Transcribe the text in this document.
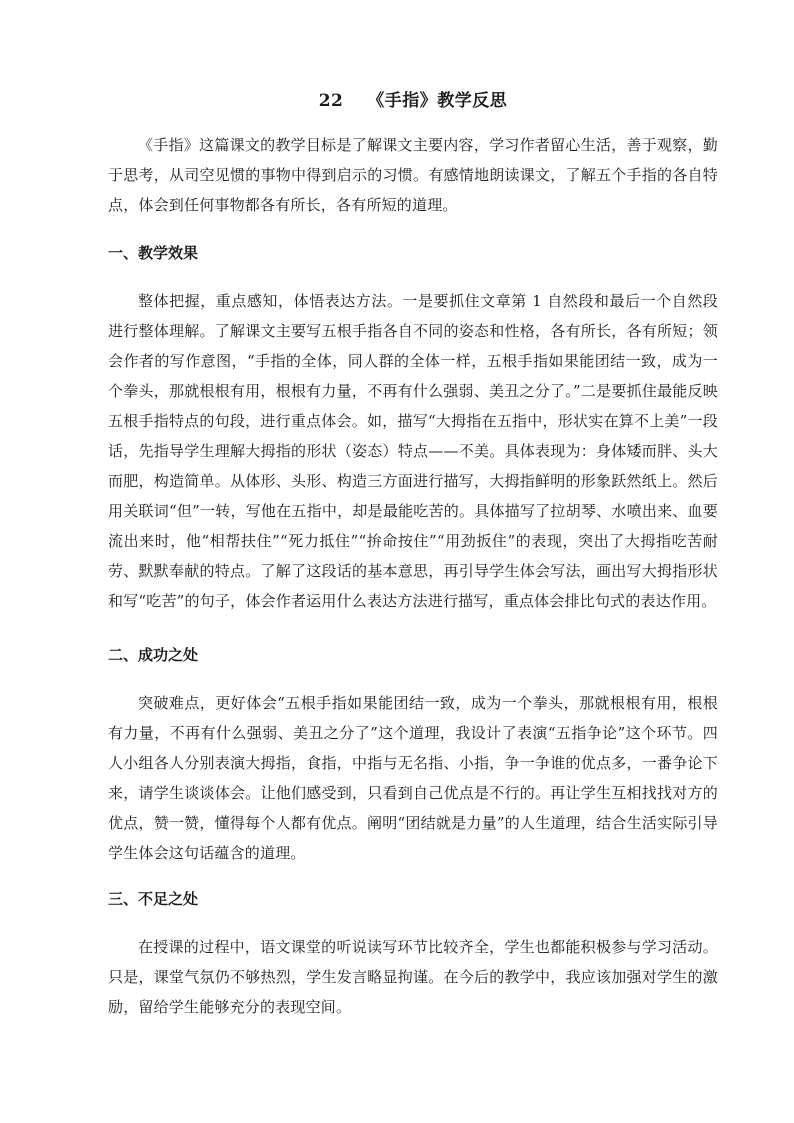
22　 《手指》教学反思

《手指》这篇课文的教学目标是了解课文主要内容，学习作者留心生活，善于观察，勤于思考，从司空见惯的事物中得到启示的习惯。有感情地朗读课文，了解五个手指的各自特点，体会到任何事物都各有所长，各有所短的道理。

一、教学效果

整体把握，重点感知，体悟表达方法。一是要抓住文章第 1 自然段和最后一个自然段进行整体理解。了解课文主要写五根手指各自不同的姿态和性格，各有所长，各有所短；领会作者的写作意图，“手指的全体，同人群的全体一样，五根手指如果能团结一致，成为一个拳头，那就根根有用，根根有力量，不再有什么强弱、美丑之分了。”二是要抓住最能反映五根手指特点的句段，进行重点体会。如，描写“大拇指在五指中，形状实在算不上美”一段话，先指导学生理解大拇指的形状（姿态）特点——不美。具体表现为：身体矮而胖、头大而肥，构造简单。从体形、头形、构造三方面进行描写，大拇指鲜明的形象跃然纸上。然后用关联词“但”一转，写他在五指中，却是最能吃苦的。具体描写了拉胡琴、水喷出来、血要流出来时，他“相帮扶住”“死力抵住”“拚命按住”“用劲扳住”的表现，突出了大拇指吃苦耐劳、默默奉献的特点。了解了这段话的基本意思，再引导学生体会写法，画出写大拇指形状和写“吃苦”的句子，体会作者运用什么表达方法进行描写，重点体会排比句式的表达作用。

二、成功之处

突破难点，更好体会“五根手指如果能团结一致，成为一个拳头，那就根根有用，根根有力量，不再有什么强弱、美丑之分了”这个道理，我设计了表演“五指争论”这个环节。四人小组各人分别表演大拇指，食指，中指与无名指、小指，争一争谁的优点多，一番争论下来，请学生谈谈体会。让他们感受到，只看到自己优点是不行的。再让学生互相找找对方的优点，赞一赞，懂得每个人都有优点。阐明“团结就是力量”的人生道理，结合生活实际引导学生体会这句话蕴含的道理。

三、不足之处

在授课的过程中，语文课堂的听说读写环节比较齐全，学生也都能积极参与学习活动。只是，课堂气氛仍不够热烈，学生发言略显拘谨。在今后的教学中，我应该加强对学生的激励，留给学生能够充分的表现空间。
